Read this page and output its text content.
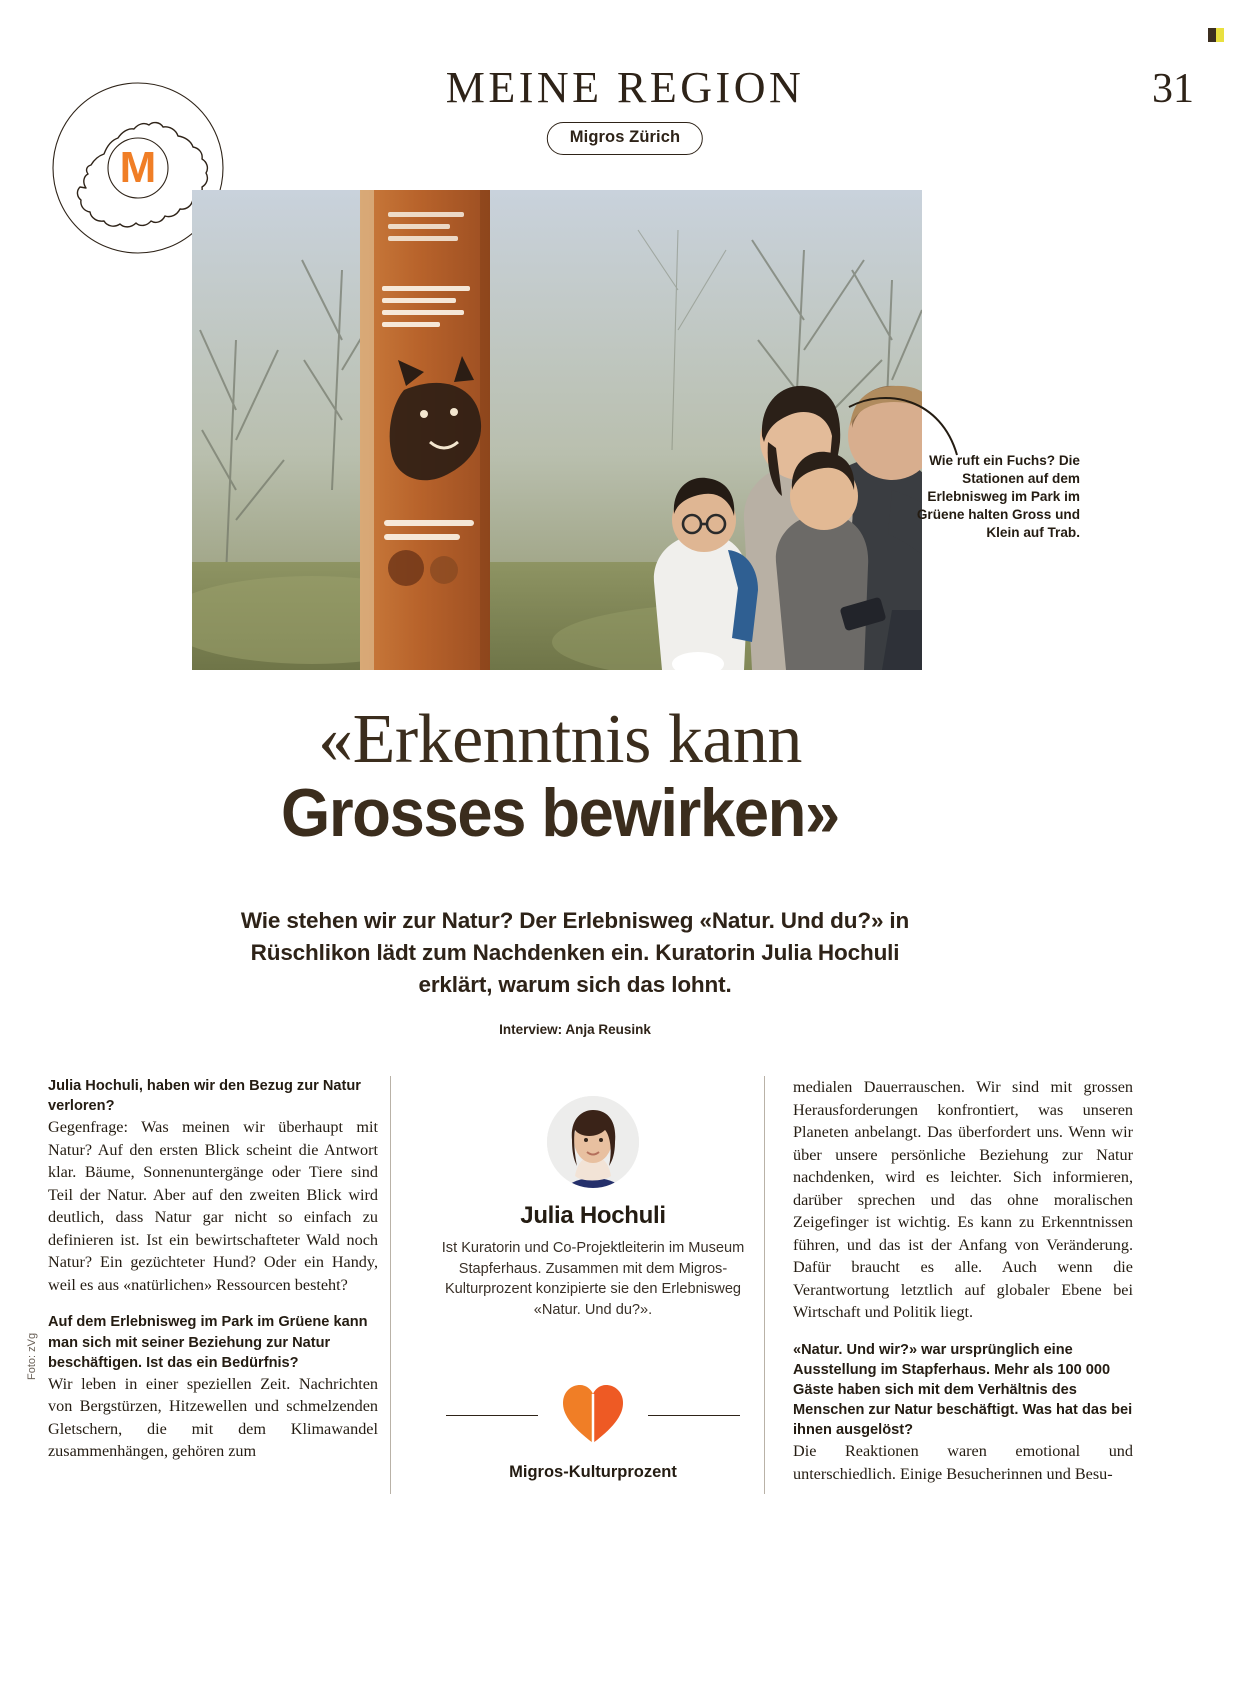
M
MEINE REGION
Migros Zürich
31
Wie ruft ein Fuchs? Die Stationen auf dem Erlebnisweg im Park im Grüene halten Gross und Klein auf Trab.
«Erkenntnis kann
Grosses bewirken»
Wie stehen wir zur Natur? Der Erlebnisweg «Natur. Und du?» in Rüschlikon lädt zum Nachdenken ein. Kuratorin Julia Hochuli erklärt, warum sich das lohnt.
Interview: Anja Reusink
Julia Hochuli, haben wir den Bezug zur Natur verloren?
Gegenfrage: Was meinen wir überhaupt mit Natur? Auf den ersten Blick scheint die Antwort klar. Bäume, Sonnenuntergänge oder Tiere sind Teil der Natur. Aber auf den zweiten Blick wird deutlich, dass Natur gar nicht so einfach zu definieren ist. Ist ein bewirtschafteter Wald noch Natur? Ein gezüchteter Hund? Oder ein Handy, weil es aus «natürlichen» Ressourcen besteht?
Auf dem Erlebnisweg im Park im Grüene kann man sich mit seiner Beziehung zur Natur beschäftigen. Ist das ein Bedürfnis?
Wir leben in einer speziellen Zeit. Nachrichten von Bergstürzen, Hitzewellen und schmelzenden Gletschern, die mit dem Klimawandel zusammenhängen, gehören zum
Julia Hochuli
Ist Kuratorin und Co-Projektleiterin im Museum Stapferhaus. Zusammen mit dem Migros-Kulturprozent konzipierte sie den Erlebnisweg «Natur. Und du?».
Migros-Kulturprozent
medialen Dauerrauschen. Wir sind mit grossen Herausforderungen konfrontiert, was unseren Planeten anbelangt. Das überfordert uns. Wenn wir über unsere persönliche Beziehung zur Natur nachdenken, wird es leichter. Sich informieren, darüber sprechen und das ohne moralischen Zeigefinger ist wichtig. Es kann zu Erkenntnissen führen, und das ist der Anfang von Veränderung. Dafür braucht es alle. Auch wenn die Verantwortung letztlich auf globaler Ebene bei Wirtschaft und Politik liegt.
«Natur. Und wir?» war ursprünglich eine Ausstellung im Stapferhaus. Mehr als 100 000 Gäste haben sich mit dem Verhältnis des Menschen zur Natur beschäftigt. Was hat das bei ihnen ausgelöst?
Die Reaktionen waren emotional und unterschiedlich. Einige Besucherinnen und Besu-
Foto: zVg
